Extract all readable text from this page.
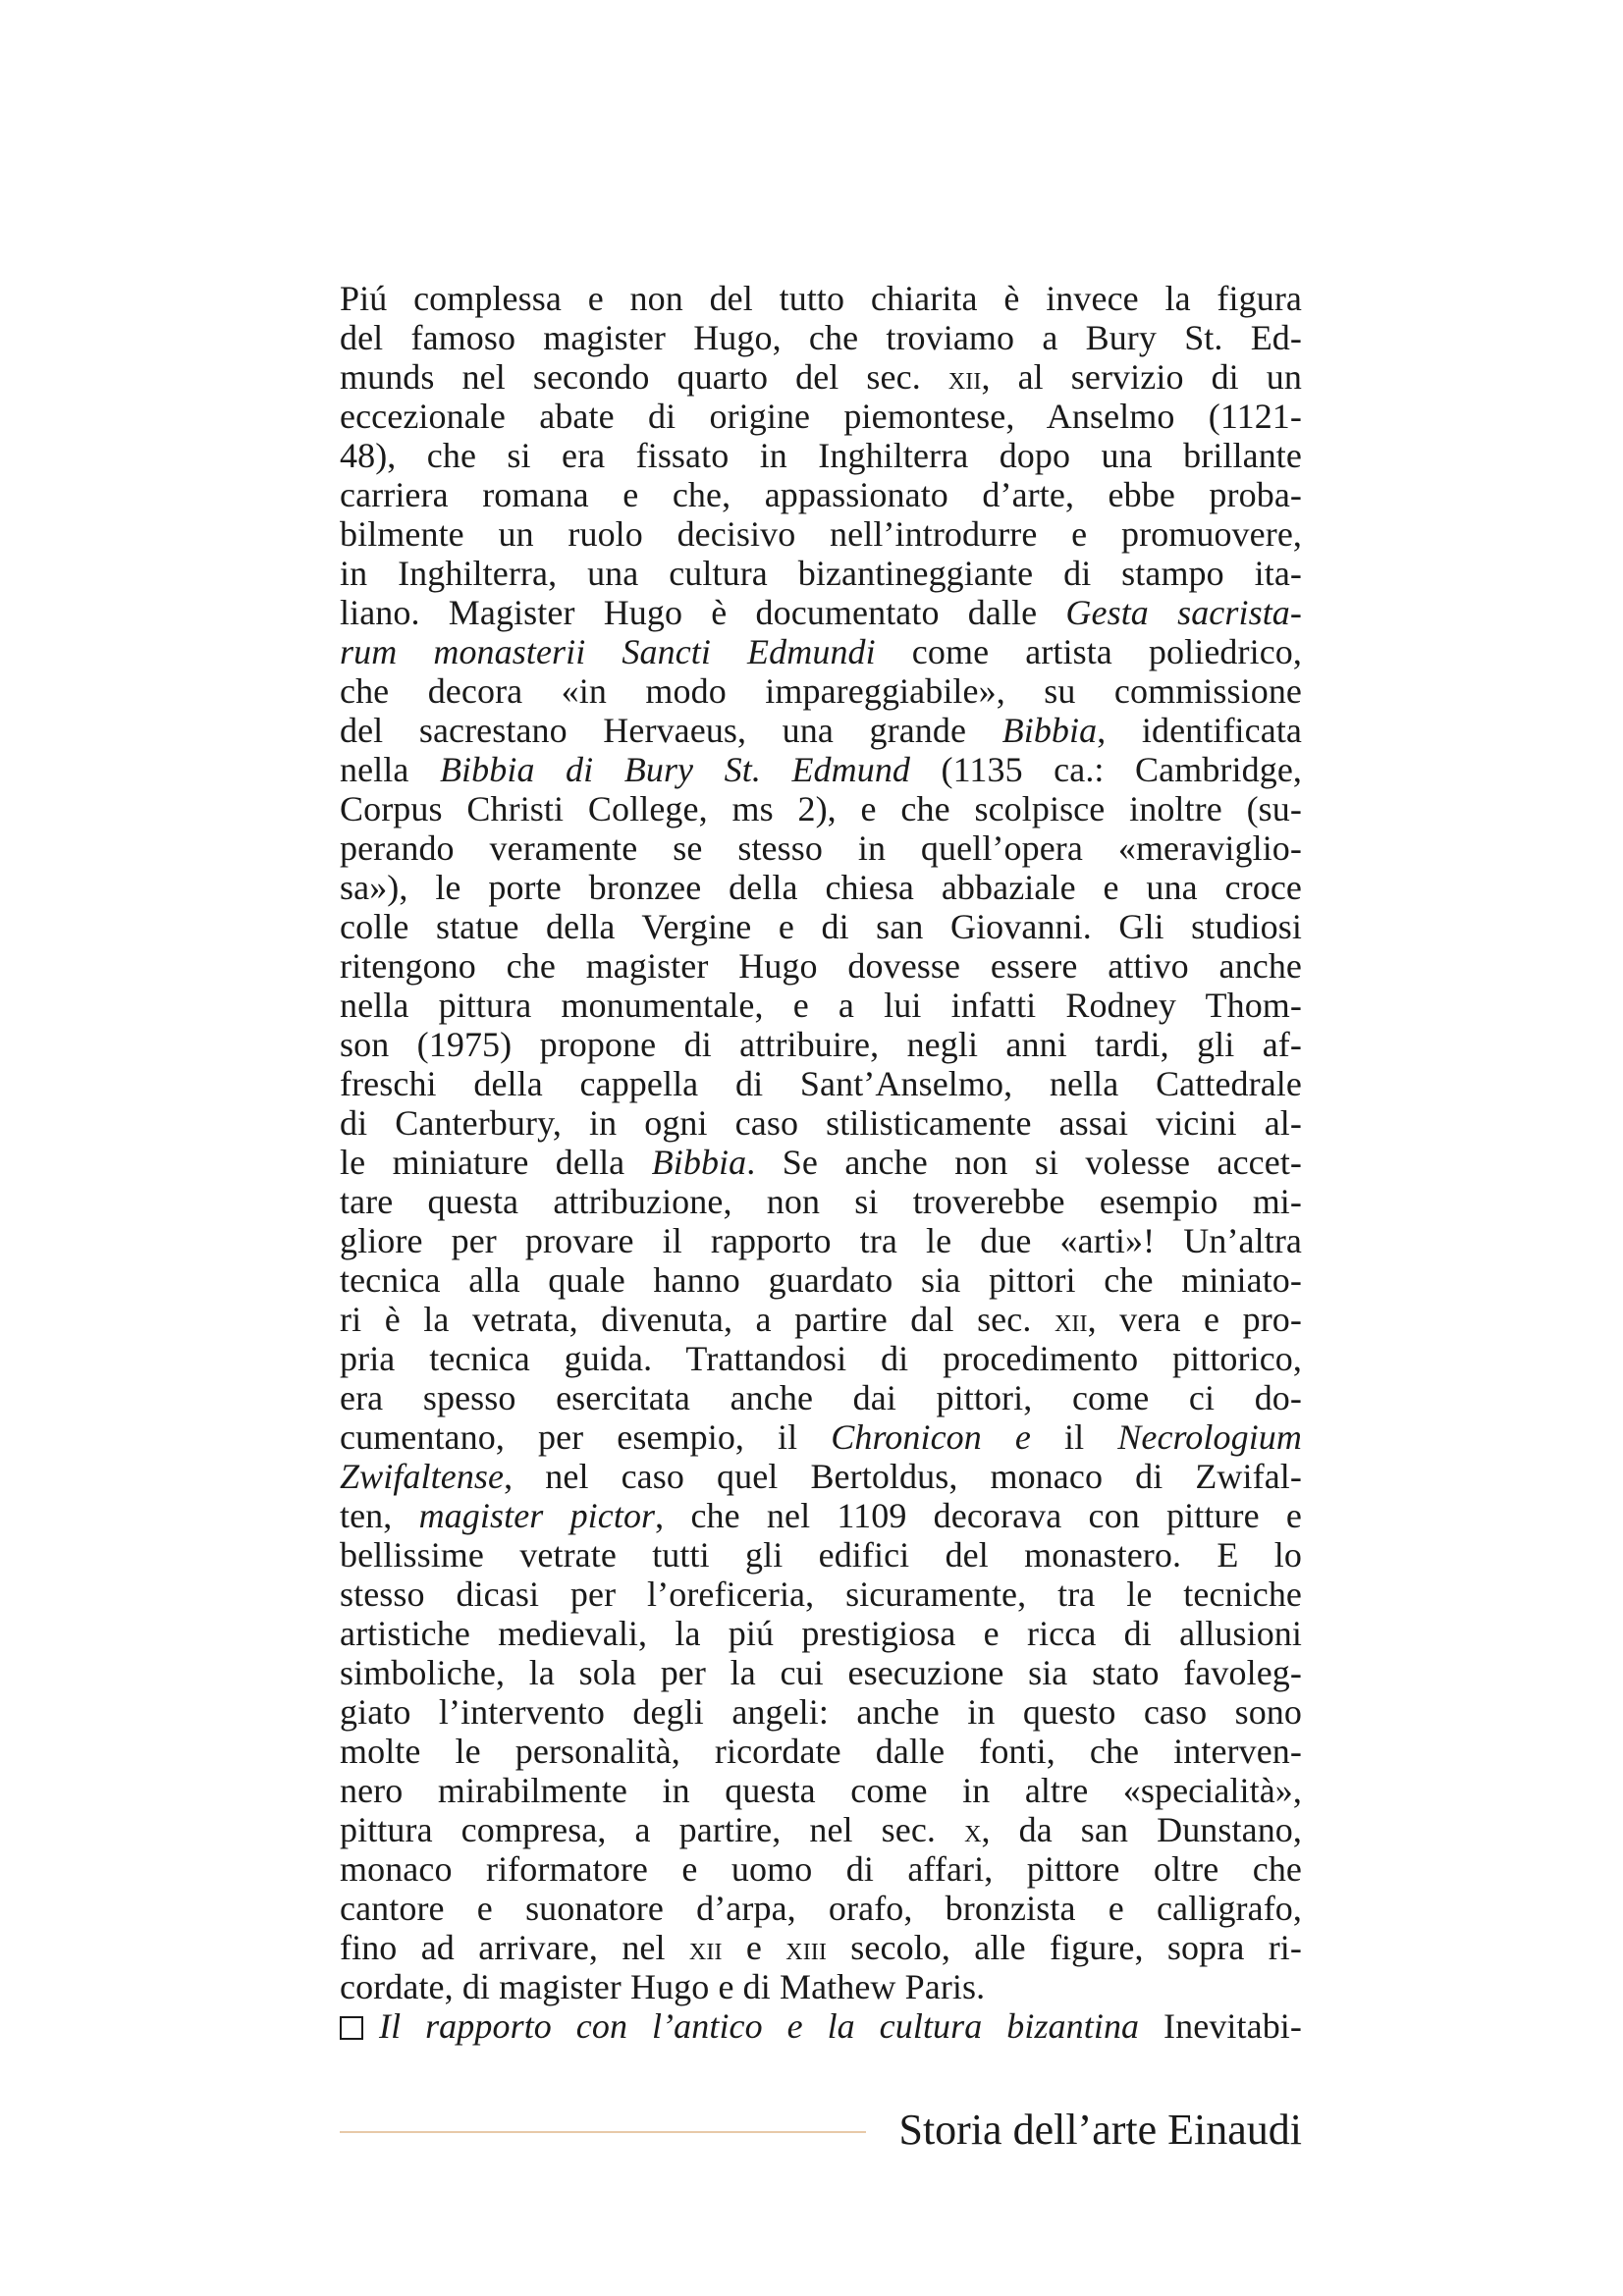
Piú complessa e non del tutto chiarita è invece la figura
del famoso magister Hugo, che troviamo a Bury St. Ed-
munds nel secondo quarto del sec. xii, al servizio di un
eccezionale abate di origine piemontese, Anselmo (1121-
48), che si era fissato in Inghilterra dopo una brillante
carriera romana e che, appassionato d’arte, ebbe proba-
bilmente un ruolo decisivo nell’introdurre e promuovere,
in Inghilterra, una cultura bizantineggiante di stampo ita-
liano. Magister Hugo è documentato dalle Gesta sacrista-
rum monasterii Sancti Edmundi come artista poliedrico,
che decora «in modo impareggiabile», su commissione
del sacrestano Hervaeus, una grande Bibbia, identificata
nella Bibbia di Bury St. Edmund (1135 ca.: Cambridge,
Corpus Christi College, ms 2), e che scolpisce inoltre (su-
perando veramente se stesso in quell’opera «meraviglio-
sa»), le porte bronzee della chiesa abbaziale e una croce
colle statue della Vergine e di san Giovanni. Gli studiosi
ritengono che magister Hugo dovesse essere attivo anche
nella pittura monumentale, e a lui infatti Rodney Thom-
son (1975) propone di attribuire, negli anni tardi, gli af-
freschi della cappella di Sant’Anselmo, nella Cattedrale
di Canterbury, in ogni caso stilisticamente assai vicini al-
le miniature della Bibbia. Se anche non si volesse accet-
tare questa attribuzione, non si troverebbe esempio mi-
gliore per provare il rapporto tra le due «arti»! Un’altra
tecnica alla quale hanno guardato sia pittori che miniato-
ri è la vetrata, divenuta, a partire dal sec. xii, vera e pro-
pria tecnica guida. Trattandosi di procedimento pittorico,
era spesso esercitata anche dai pittori, come ci do-
cumentano, per esempio, il Chronicon e il Necrologium
Zwifaltense, nel caso quel Bertoldus, monaco di Zwifal-
ten, magister pictor, che nel 1109 decorava con pitture e
bellissime vetrate tutti gli edifici del monastero. E lo
stesso dicasi per l’oreficeria, sicuramente, tra le tecniche
artistiche medievali, la piú prestigiosa e ricca di allusioni
simboliche, la sola per la cui esecuzione sia stato favoleg-
giato l’intervento degli angeli: anche in questo caso sono
molte le personalità, ricordate dalle fonti, che interven-
nero mirabilmente in questa come in altre «specialità»,
pittura compresa, a partire, nel sec. x, da san Dunstano,
monaco riformatore e uomo di affari, pittore oltre che
cantore e suonatore d’arpa, orafo, bronzista e calligrafo,
fino ad arrivare, nel xii e xiii secolo, alle figure, sopra ri-
cordate, di magister Hugo e di Mathew Paris.
Il rapporto con l’antico e la cultura bizantina Inevitabi-
Storia dell’arte Einaudi
